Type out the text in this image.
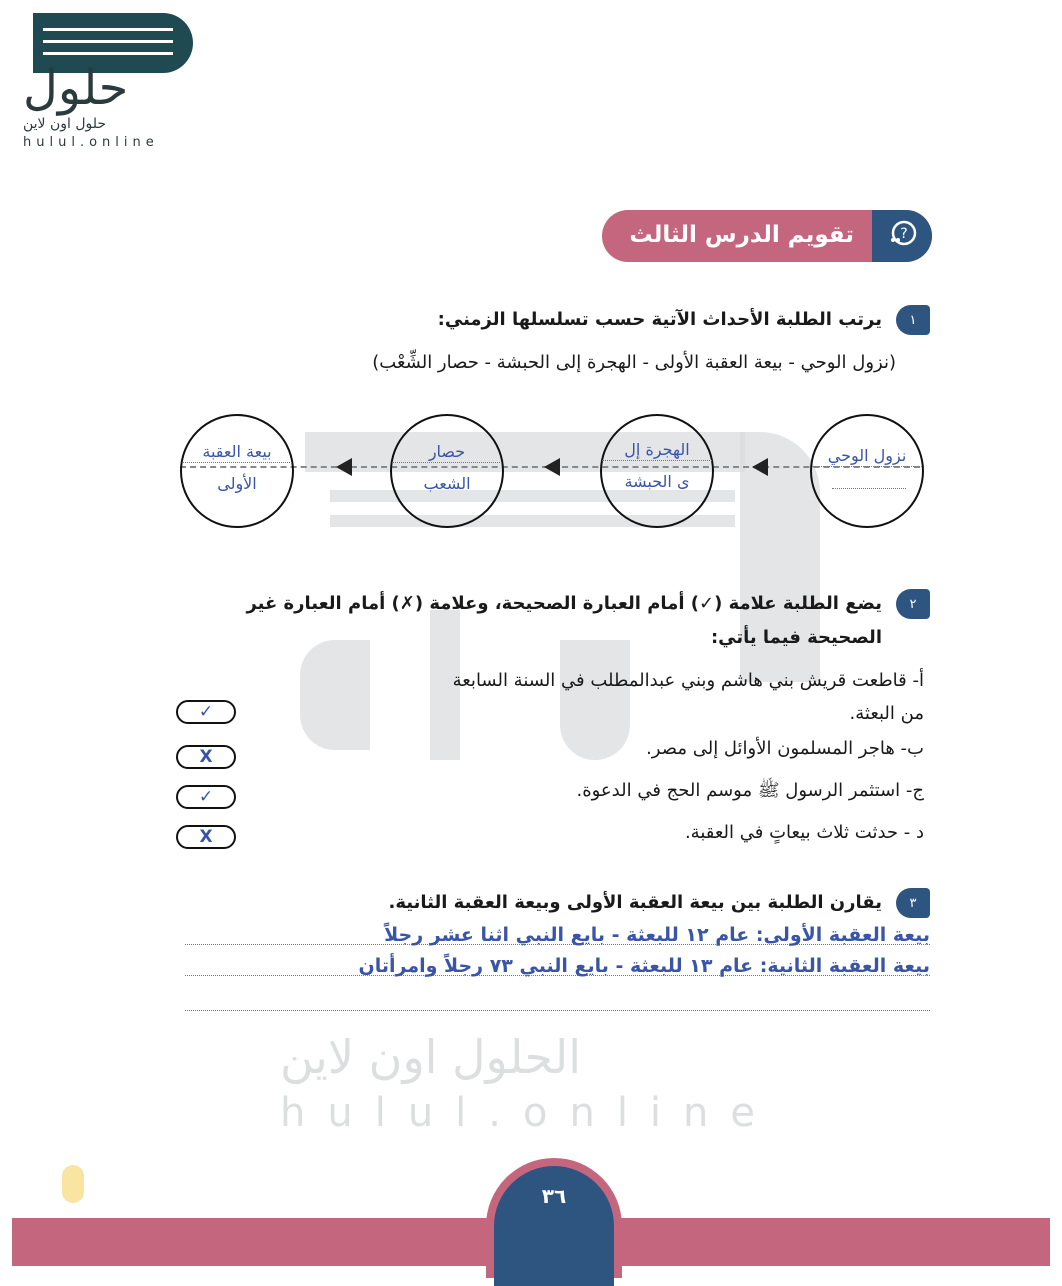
الحلول اون لاين
hulul.online
حلول
حلول اون لاين
hulul.online
?
تقويم الدرس الثالث
١
يرتب الطلبة الأحداث الآتية حسب تسلسلها الزمني:
(نزول الوحي - بيعة العقبة الأولى - الهجرة إلى الحبشة - حصار الشِّعْب)
نزول الوحي
الهجرة إل
ى الحبشة
حصار
الشعب
بيعة العقبة
الأولى
٢
يضع الطلبة علامة (✓) أمام العبارة الصحيحة، وعلامة (✗) أمام العبارة غير
الصحيحة فيما يأتي:
أ- قاطعت قريش بني هاشم وبني عبدالمطلب في السنة السابعة
من البعثة.
ب- هاجر المسلمون الأوائل إلى مصر.
ج- استثمر الرسول ﷺ موسم الحج في الدعوة.
د - حدثت ثلاث بيعاتٍ في العقبة.
✓
X
✓
X
٣
يقارن الطلبة بين بيعة العقبة الأولى وبيعة العقبة الثانية.
بيعة العقبة الأولى: عام ١٢ للبعثة - بايع النبي اثنا عشر رجلاً
بيعة العقبة الثانية: عام ١٣ للبعثة - بايع النبي ٧٣ رجلاً وامرأتان
٣٦
